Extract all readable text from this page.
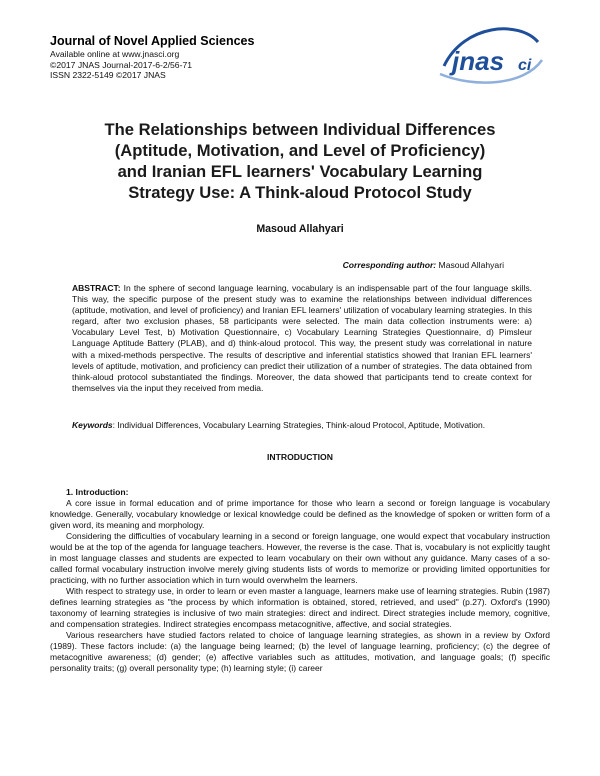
Journal of Novel Applied Sciences
Available online at www.jnasci.org
©2017 JNAS Journal-2017-6-2/56-71
ISSN 2322-5149 ©2017 JNAS	jnas ci
The Relationships between Individual Differences
(Aptitude, Motivation, and Level of Proficiency)
and Iranian EFL learners' Vocabulary Learning
Strategy Use: A Think-aloud Protocol Study
Masoud Allahyari
Corresponding author: Masoud Allahyari
ABSTRACT: In the sphere of second language learning, vocabulary is an indispensable part of the four language skills. This way, the specific purpose of the present study was to examine the relationships between individual differences (aptitude, motivation, and level of proficiency) and Iranian EFL learners' utilization of vocabulary learning strategies. In this regard, after two exclusion phases, 58 participants were selected. The main data collection instruments were: a) Vocabulary Level Test, b) Motivation Questionnaire, c) Vocabulary Learning Strategies Questionnaire, d) Pimsleur Language Aptitude Battery (PLAB), and d) think-aloud protocol. This way, the present study was correlational in nature with a mixed-methods perspective. The results of descriptive and inferential statistics showed that Iranian EFL learners' levels of aptitude, motivation, and proficiency can predict their utilization of a number of strategies. The data obtained from think-aloud protocol substantiated the findings. Moreover, the data showed that participants tend to create context for themselves via the input they received from media.
Keywords: Individual Differences, Vocabulary Learning Strategies, Think-aloud Protocol, Aptitude, Motivation.
INTRODUCTION
1. Introduction:

A core issue in formal education and of prime importance for those who learn a second or foreign language is vocabulary knowledge. Generally, vocabulary knowledge or lexical knowledge could be defined as the knowledge of spoken or written form of a given word, its meaning and morphology.

Considering the difficulties of vocabulary learning in a second or foreign language, one would expect that vocabulary instruction would be at the top of the agenda for language teachers. However, the reverse is the case. That is, vocabulary is not explicitly taught in most language classes and students are expected to learn vocabulary on their own without any guidance. Many cases of a so-called formal vocabulary instruction involve merely giving students lists of words to memorize or providing limited opportunities for practicing, with no further association which in turn would overwhelm the learners.

With respect to strategy use, in order to learn or even master a language, learners make use of learning strategies. Rubin (1987) defines learning strategies as "the process by which information is obtained, stored, retrieved, and used" (p.27). Oxford's (1990) taxonomy of learning strategies is inclusive of two main strategies: direct and indirect. Direct strategies include memory, cognitive, and compensation strategies. Indirect strategies encompass metacognitive, affective, and social strategies.

Various researchers have studied factors related to choice of language learning strategies, as shown in a review by Oxford (1989). These factors include: (a) the language being learned; (b) the level of language learning, proficiency; (c) the degree of metacognitive awareness; (d) gender; (e) affective variables such as attitudes, motivation, and language goals; (f) specific personality traits; (g) overall personality type; (h) learning style; (i) career
